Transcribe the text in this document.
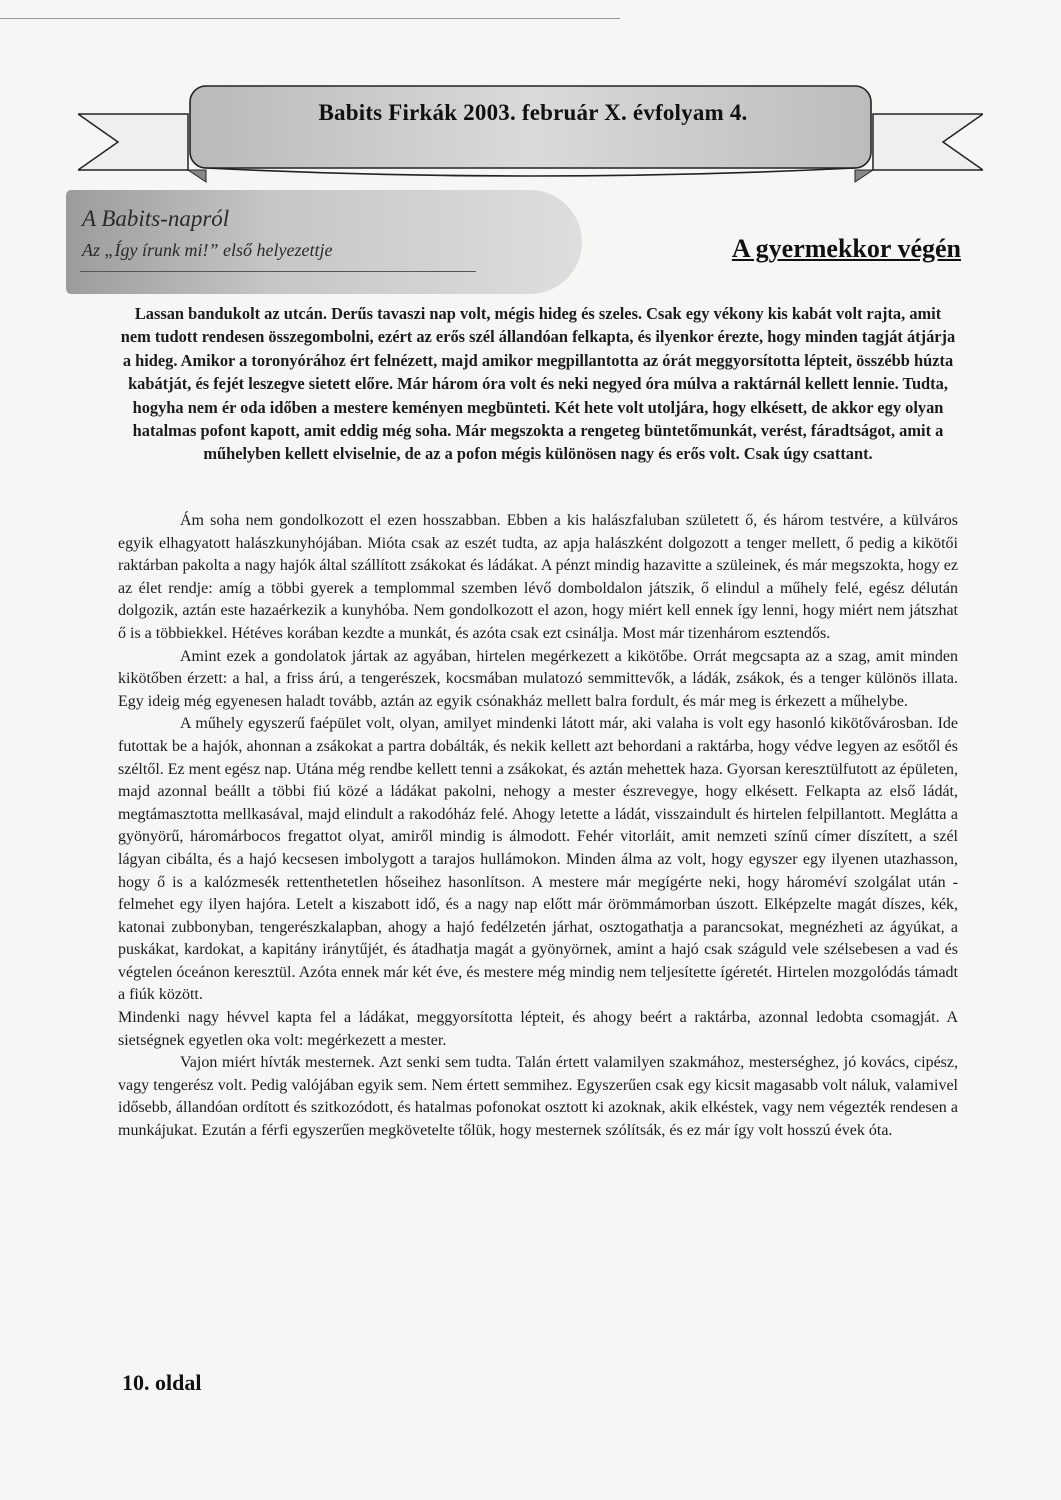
Babits Firkák 2003. február X. évfolyam 4.
A Babits-napról
Az „Így írunk mi!” első helyezettje	A gyermekkor végén
Lassan bandukolt az utcán. Derűs tavaszi nap volt, mégis hideg és szeles. Csak egy vékony kis kabát volt rajta, amit nem tudott rendesen összegombolni, ezért az erős szél állandóan felkapta, és ilyenkor érezte, hogy minden tagját átjárja a hideg. Amikor a toronyórához ért felnézett, majd amikor megpillantotta az órát meggyorsította lépteit, összébb húzta kabátját, és fejét leszegve sietett előre. Már három óra volt és neki negyed óra múlva a raktárnál kellett lennie. Tudta, hogyha nem ér oda időben a mestere keményen megbünteti. Két hete volt utoljára, hogy elkésett, de akkor egy olyan hatalmas pofont kapott, amit eddig még soha. Már megszokta a rengeteg büntetőmunkát, verést, fáradtságot, amit a műhelyben kellett elviselnie, de az a pofon mégis különösen nagy és erős volt. Csak úgy csattant.

Ám soha nem gondolkozott el ezen hosszabban. Ebben a kis halászfaluban született ő, és három testvére, a külváros egyik elhagyatott halászkunyhójában. Mióta csak az eszét tudta, az apja halászként dolgozott a tenger mellett, ő pedig a kikötői raktárban pakolta a nagy hajók által szállított zsákokat és ládákat. A pénzt mindig hazavitte a szüleinek, és már megszokta, hogy ez az élet rendje: amíg a többi gyerek a templommal szemben lévő domboldalon játszik, ő elindul a műhely felé, egész délután dolgozik, aztán este hazaérkezik a kunyhóba. Nem gondolkozott el azon, hogy miért kell ennek így lenni, hogy miért nem játszhat ő is a többiekkel. Hétéves korában kezdte a munkát, és azóta csak ezt csinálja. Most már tizenhárom esztendős.

Amint ezek a gondolatok jártak az agyában, hirtelen megérkezett a kikötőbe. Orrát megcsapta az a szag, amit minden kikötőben érzett: a hal, a friss árú, a tengerészek, kocsmában mulatozó semmittevők, a ládák, zsákok, és a tenger különös illata. Egy ideig még egyenesen haladt tovább, aztán az egyik csónakház mellett balra fordult, és már meg is érkezett a műhelybe.

A műhely egyszerű faépület volt, olyan, amilyet mindenki látott már, aki valaha is volt egy hasonló kikötővárosban. Ide futottak be a hajók, ahonnan a zsákokat a partra dobálták, és nekik kellett azt behordani a raktárba, hogy védve legyen az esőtől és széltől. Ez ment egész nap. Utána még rendbe kellett tenni a zsákokat, és aztán mehettek haza. Gyorsan keresztülfutott az épületen, majd azonnal beállt a többi fiú közé a ládákat pakolni, nehogy a mester észrevegye, hogy elkésett. Felkapta az első ládát, megtámasztotta mellkasával, majd elindult a rakodóház felé. Ahogy letette a ládát, visszaindult és hirtelen felpillantott. Meglátta a gyönyörű, háromárbocos fregattot olyat, amiről mindig is álmodott. Fehér vitorláit, amit nemzeti színű címer díszített, a szél lágyan cibálta, és a hajó kecsesen imbolygott a tarajos hullámokon. Minden álma az volt, hogy egyszer egy ilyenen utazhasson, hogy ő is a kalózmesék rettenthetetlen hőseihez hasonlítson. A mestere már megígérte neki, hogy hároméví szolgálat után -felmehet egy ilyen hajóra. Letelt a kiszabott idő, és a nagy nap előtt már örömmámorban úszott. Elképzelte magát díszes, kék, katonai zubbonyban, tengerészkalapban, ahogy a hajó fedélzetén járhat, osztogathatja a parancsokat, megnézheti az ágyúkat, a puskákat, kardokat, a kapitány iránytűjét, és átadhatja magát a gyönyörnek, amint a hajó csak száguld vele szélsebesen a vad és végtelen óceánon keresztül. Azóta ennek már két éve, és mestere még mindig nem teljesítette ígéretét. Hirtelen mozgolódás támadt a fiúk között.

Mindenki nagy hévvel kapta fel a ládákat, meggyorsította lépteit, és ahogy beért a raktárba, azonnal ledobta csomagját. A sietségnek egyetlen oka volt: megérkezett a mester.

Vajon miért hívták mesternek. Azt senki sem tudta. Talán értett valamilyen szakmához, mesterséghez, jó kovács, cipész, vagy tengerész volt. Pedig valójában egyik sem. Nem értett semmihez. Egyszerűen csak egy kicsit magasabb volt náluk, valamivel idősebb, állandóan ordított és szitkozódott, és hatalmas pofonokat osztott ki azoknak, akik elkéstek, vagy nem végezték rendesen a munkájukat. Ezután a férfi egyszerűen megkövetelte tőlük, hogy mesternek szólítsák, és ez már így volt hosszú évek óta.

10. oldal
